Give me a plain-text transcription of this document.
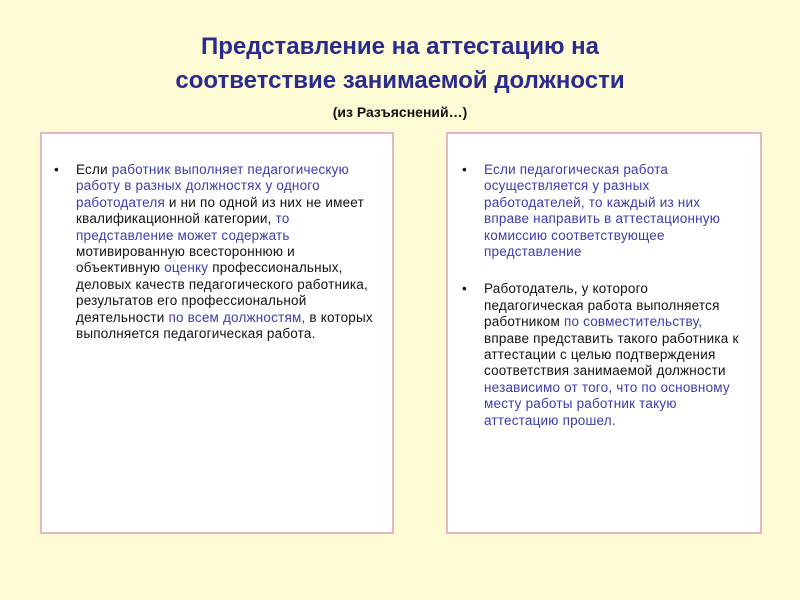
Представление на аттестацию на
соответствие занимаемой должности
(из Разъяснений…)
• Если работник выполняет педагогическую работу в разных должностях у одного работодателя и ни по одной из них не имеет квалификационной категории, то представление может содержать мотивированную всестороннюю и объективную оценку профессиональных, деловых качеств педагогического работника, результатов его профессиональной деятельности по всем должностям, в которых выполняется педагогическая работа.
• Если педагогическая работа осуществляется у разных работодателей, то каждый из них вправе направить в аттестационную комиссию соответствующее представление
• Работодатель, у которого педагогическая работа выполняется работником по совместительству, вправе представить такого работника к аттестации с целью подтверждения соответствия занимаемой должности независимо от того, что по основному месту работы работник такую аттестацию прошел.
